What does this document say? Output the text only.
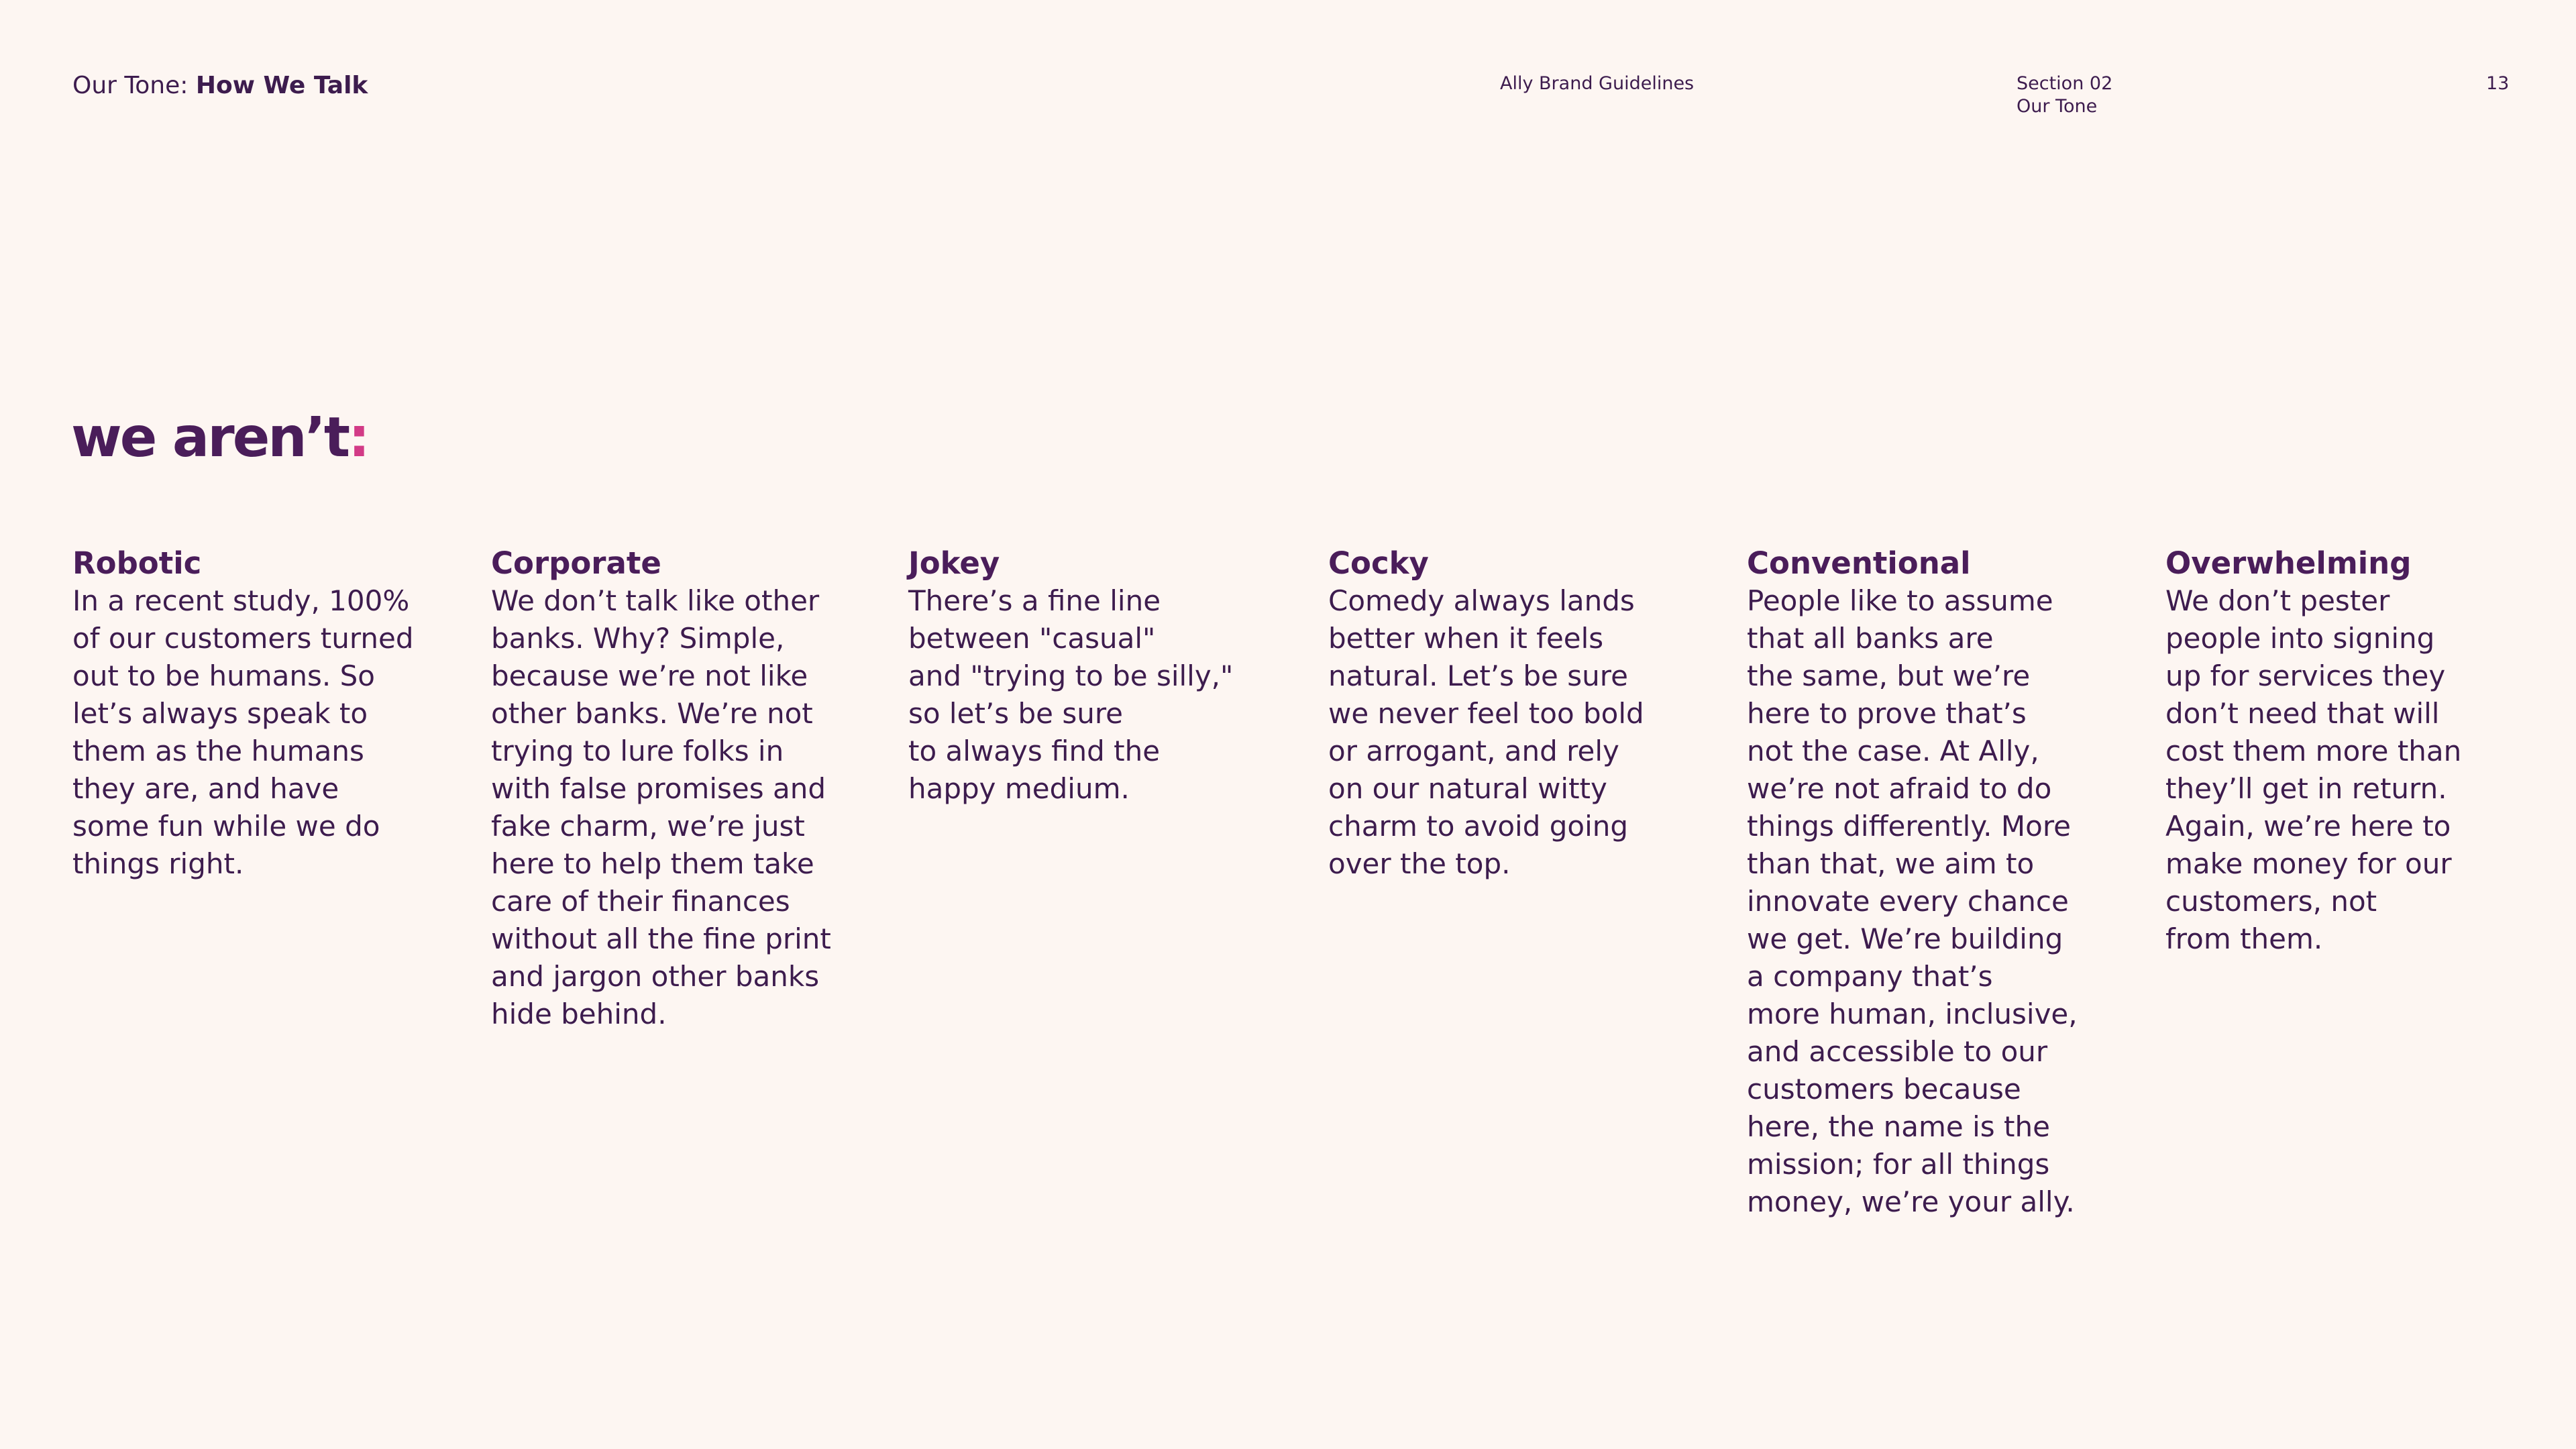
Our Tone: How We Talk	Ally Brand Guidelines	Section 02
Our Tone
13
we aren’t:
Robotic
In a recent study, 100%
of our customers turned
out to be humans. So
let’s always speak to
them as the humans
they are, and have
some fun while we do
things right.
Corporate
We don’t talk like other
banks. Why? Simple,
because we’re not like
other banks. We’re not
trying to lure folks in
with false promises and
fake charm, we’re just
here to help them take
care of their finances
without all the fine print
and jargon other banks
hide behind.
Jokey
There’s a fine line
between "casual"
and "trying to be silly,"
so let’s be sure
to always find the
happy medium.
Cocky
Comedy always lands
better when it feels
natural. Let’s be sure
we never feel too bold
or arrogant, and rely
on our natural witty
charm to avoid going
over the top.
Conventional
People like to assume
that all banks are
the same, but we’re
here to prove that’s
not the case. At Ally,
we’re not afraid to do
things differently. More
than that, we aim to
innovate every chance
we get. We’re building
a company that’s
more human, inclusive,
and accessible to our
customers because
here, the name is the
mission; for all things
money, we’re your ally.
Overwhelming
We don’t pester
people into signing
up for services they
don’t need that will
cost them more than
they’ll get in return.
Again, we’re here to
make money for our
customers, not
from them.
